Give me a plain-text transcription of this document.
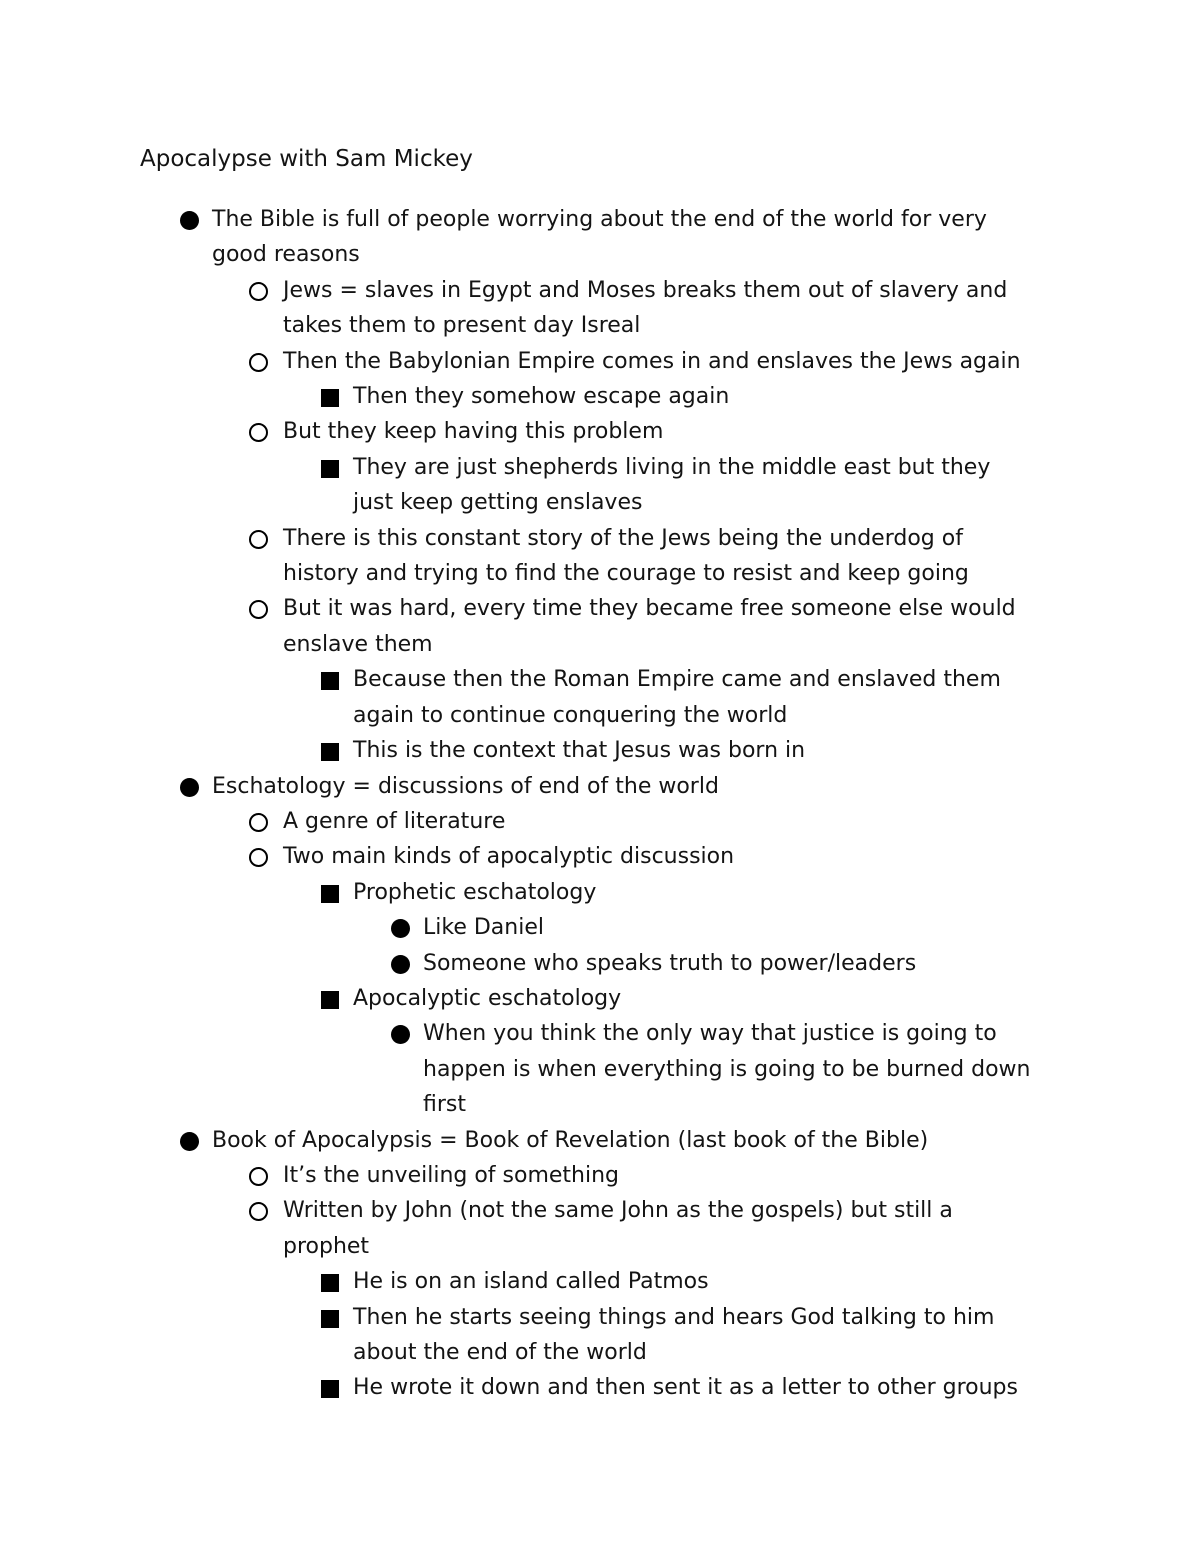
Apocalypse with Sam Mickey
The Bible is full of people worrying about the end of the world for very
good reasons
Jews = slaves in Egypt and Moses breaks them out of slavery and
takes them to present day Isreal
Then the Babylonian Empire comes in and enslaves the Jews again
Then they somehow escape again
But they keep having this problem
They are just shepherds living in the middle east but they
just keep getting enslaves
There is this constant story of the Jews being the underdog of
history and trying to find the courage to resist and keep going
But it was hard, every time they became free someone else would
enslave them
Because then the Roman Empire came and enslaved them
again to continue conquering the world
This is the context that Jesus was born in
Eschatology = discussions of end of the world
A genre of literature
Two main kinds of apocalyptic discussion
Prophetic eschatology
Like Daniel
Someone who speaks truth to power/leaders
Apocalyptic eschatology
When you think the only way that justice is going to
happen is when everything is going to be burned down
first
Book of Apocalypsis = Book of Revelation (last book of the Bible)
It’s the unveiling of something
Written by John (not the same John as the gospels) but still a
prophet
He is on an island called Patmos
Then he starts seeing things and hears God talking to him
about the end of the world
He wrote it down and then sent it as a letter to other groups
